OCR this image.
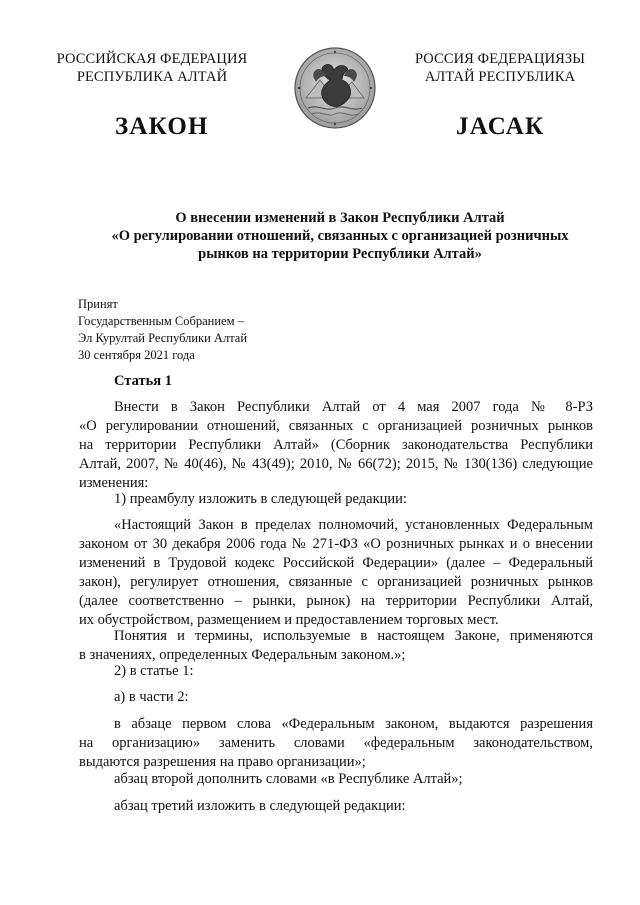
РОССИЙСКАЯ ФЕДЕРАЦИЯ
РЕСПУБЛИКА АЛТАЙ
РОССИЯ ФЕДЕРАЦИЯЗЫ
АЛТАЙ РЕСПУБЛИКА
ЗАКОН	ЈАСАК
О внесении изменений в Закон Республики Алтай
«О регулировании отношений, связанных с организацией розничных
рынков на территории Республики Алтай»
Принят
Государственным Собранием –
Эл Курултай Республики Алтай
30 сентября 2021 года
Статья 1
Внести в Закон Республики Алтай от 4 мая 2007 года № 8-РЗ
«О регулировании отношений, связанных с организацией розничных рынков
на территории Республики Алтай» (Сборник законодательства Республики
Алтай, 2007, № 40(46), № 43(49); 2010, № 66(72); 2015, № 130(136) следующие
изменения:
1) преамбулу изложить в следующей редакции:
«Настоящий Закон в пределах полномочий, установленных Федеральным
законом от 30 декабря 2006 года № 271-ФЗ «О розничных рынках и о внесении
изменений в Трудовой кодекс Российской Федерации» (далее – Федеральный
закон), регулирует отношения, связанные с организацией розничных рынков
(далее соответственно – рынки, рынок) на территории Республики Алтай,
их обустройством, размещением и предоставлением торговых мест.
Понятия и термины, используемые в настоящем Законе, применяются
в значениях, определенных Федеральным законом.»;
2) в статье 1:
а) в части 2:
в абзаце первом слова «Федеральным законом, выдаются разрешения
на организацию» заменить словами «федеральным законодательством,
выдаются разрешения на право организации»;
абзац второй дополнить словами «в Республике Алтай»;
абзац третий изложить в следующей редакции:
